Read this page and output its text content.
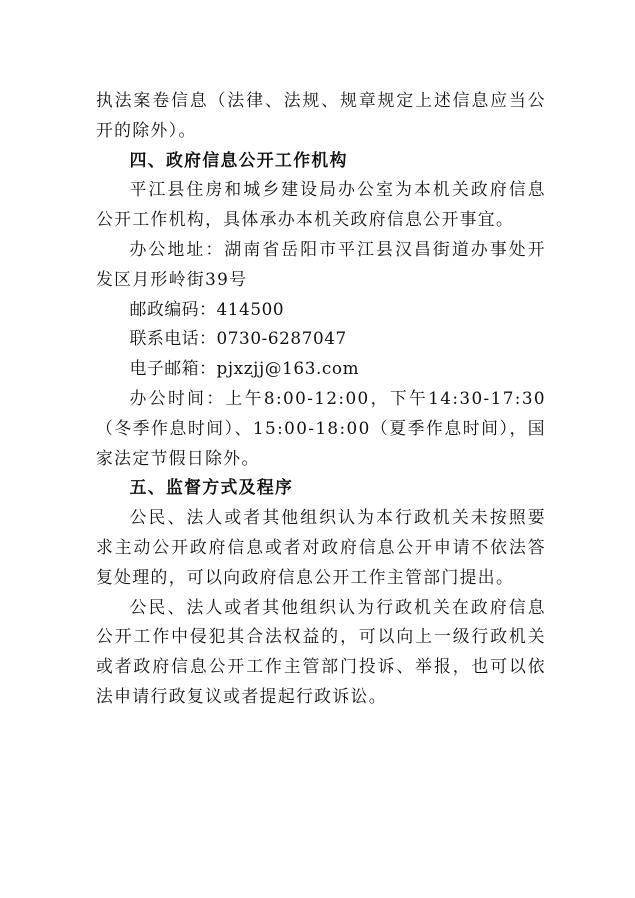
执法案卷信息（法律、法规、规章规定上述信息应当公开的除外）。

四、政府信息公开工作机构

平江县住房和城乡建设局办公室为本机关政府信息公开工作机构，具体承办本机关政府信息公开事宜。

办公地址：湖南省岳阳市平江县汉昌街道办事处开发区月形岭街39号

邮政编码：414500

联系电话：0730-6287047

电子邮箱：pjxzjj@163.com

办公时间：上午8:00-12:00，下午14:30-17:30（冬季作息时间）、15:00-18:00（夏季作息时间），国家法定节假日除外。

五、监督方式及程序

公民、法人或者其他组织认为本行政机关未按照要求主动公开政府信息或者对政府信息公开申请不依法答复处理的，可以向政府信息公开工作主管部门提出。

公民、法人或者其他组织认为行政机关在政府信息公开工作中侵犯其合法权益的，可以向上一级行政机关或者政府信息公开工作主管部门投诉、举报，也可以依法申请行政复议或者提起行政诉讼。
